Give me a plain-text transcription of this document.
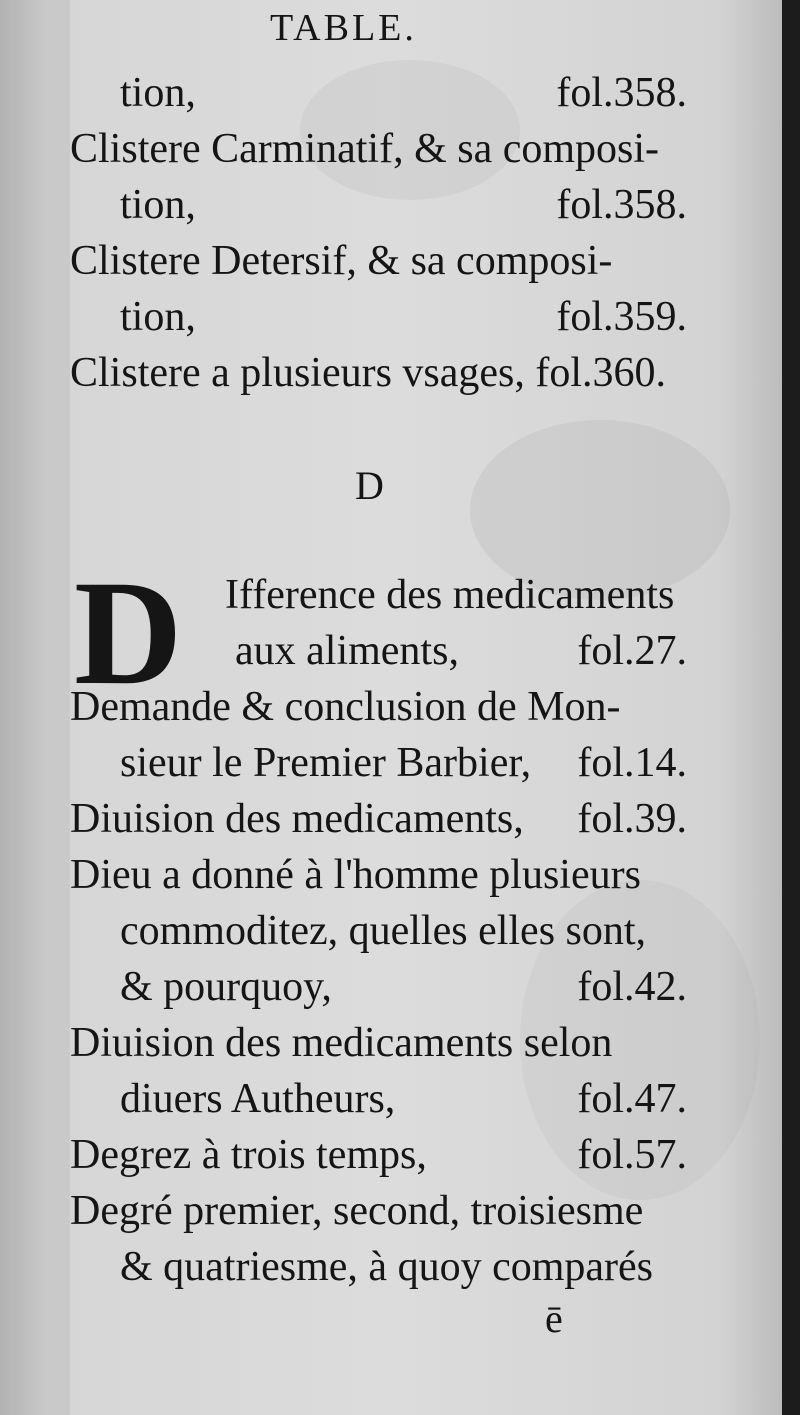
TABLE.
tion,	fol.358.
Clistere Carminatif, & sa composi-
tion,	fol.358.
Clistere Detersif, & sa composi-
tion,	fol.359.
Clistere a plusieurs vsages, fol.360.
D
D Ifference des medicaments
aux aliments,	fol.27.
Demande & conclusion de Mon-
sieur le Premier Barbier, fol.14.
Diuision des medicaments, fol.39.
Dieu a donné à l'homme plusieurs
commoditez, quelles elles sont,
& pourquoy,	fol.42.
Diuision des medicaments selon
diuers Autheurs,	fol.47.
Degrez à trois temps,	fol.57.
Degré premier, second, troisiesme
& quatriesme, à quoy comparés
ē
